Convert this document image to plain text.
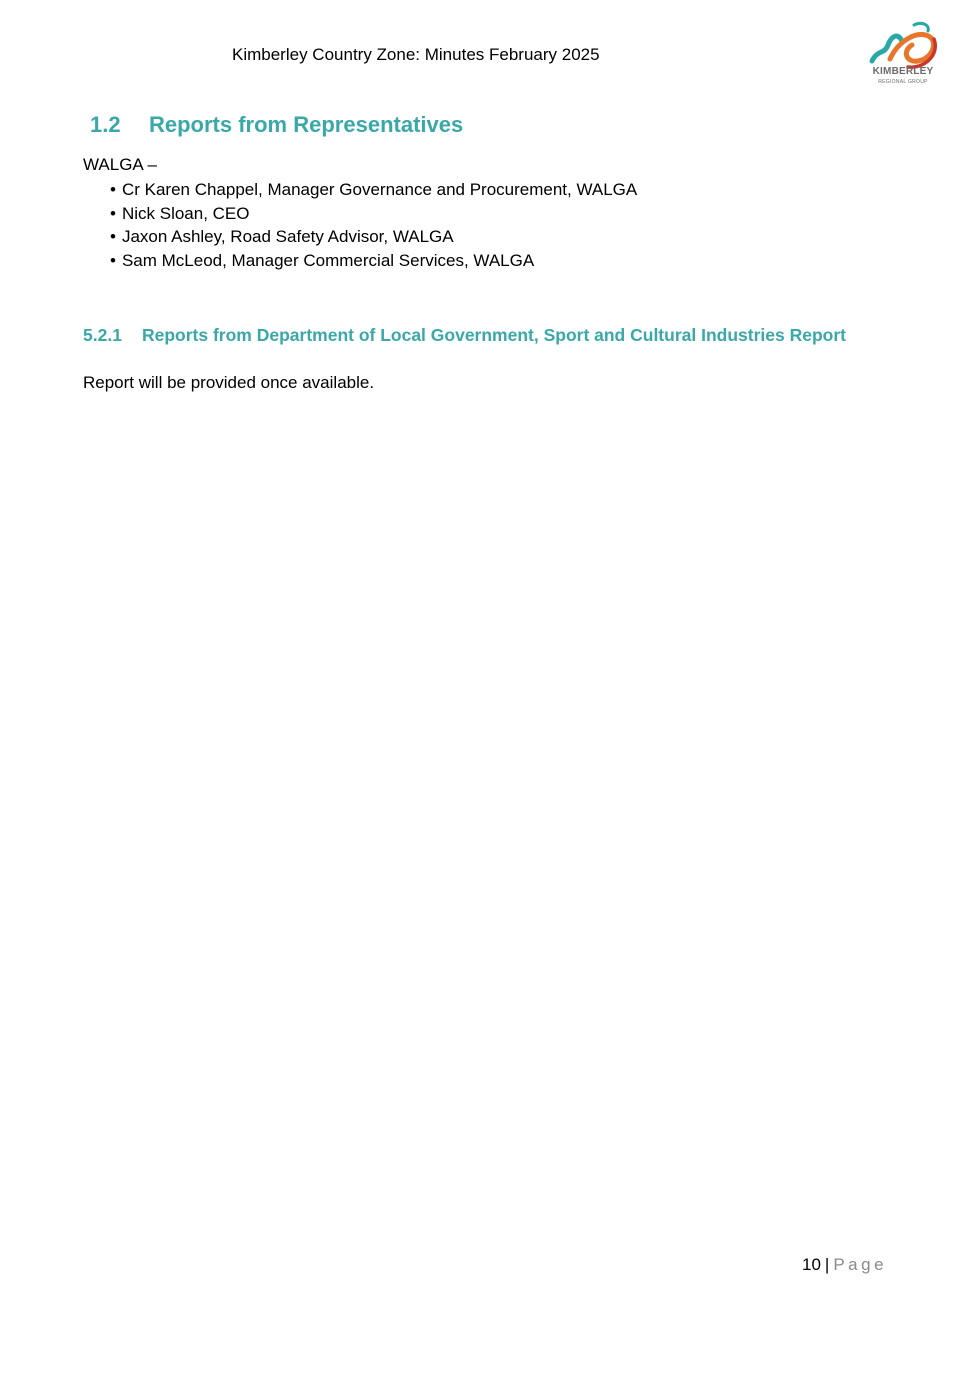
Kimberley Country Zone: Minutes February 2025
KIMBERLEY
REGIONAL GROUP
1.2 Reports from Representatives
WALGA –
• Cr Karen Chappel, Manager Governance and Procurement, WALGA
• Nick Sloan, CEO
• Jaxon Ashley, Road Safety Advisor, WALGA
• Sam McLeod, Manager Commercial Services, WALGA
5.2.1 Reports from Department of Local Government, Sport and Cultural Industries Report
Report will be provided once available.
10 | Page
